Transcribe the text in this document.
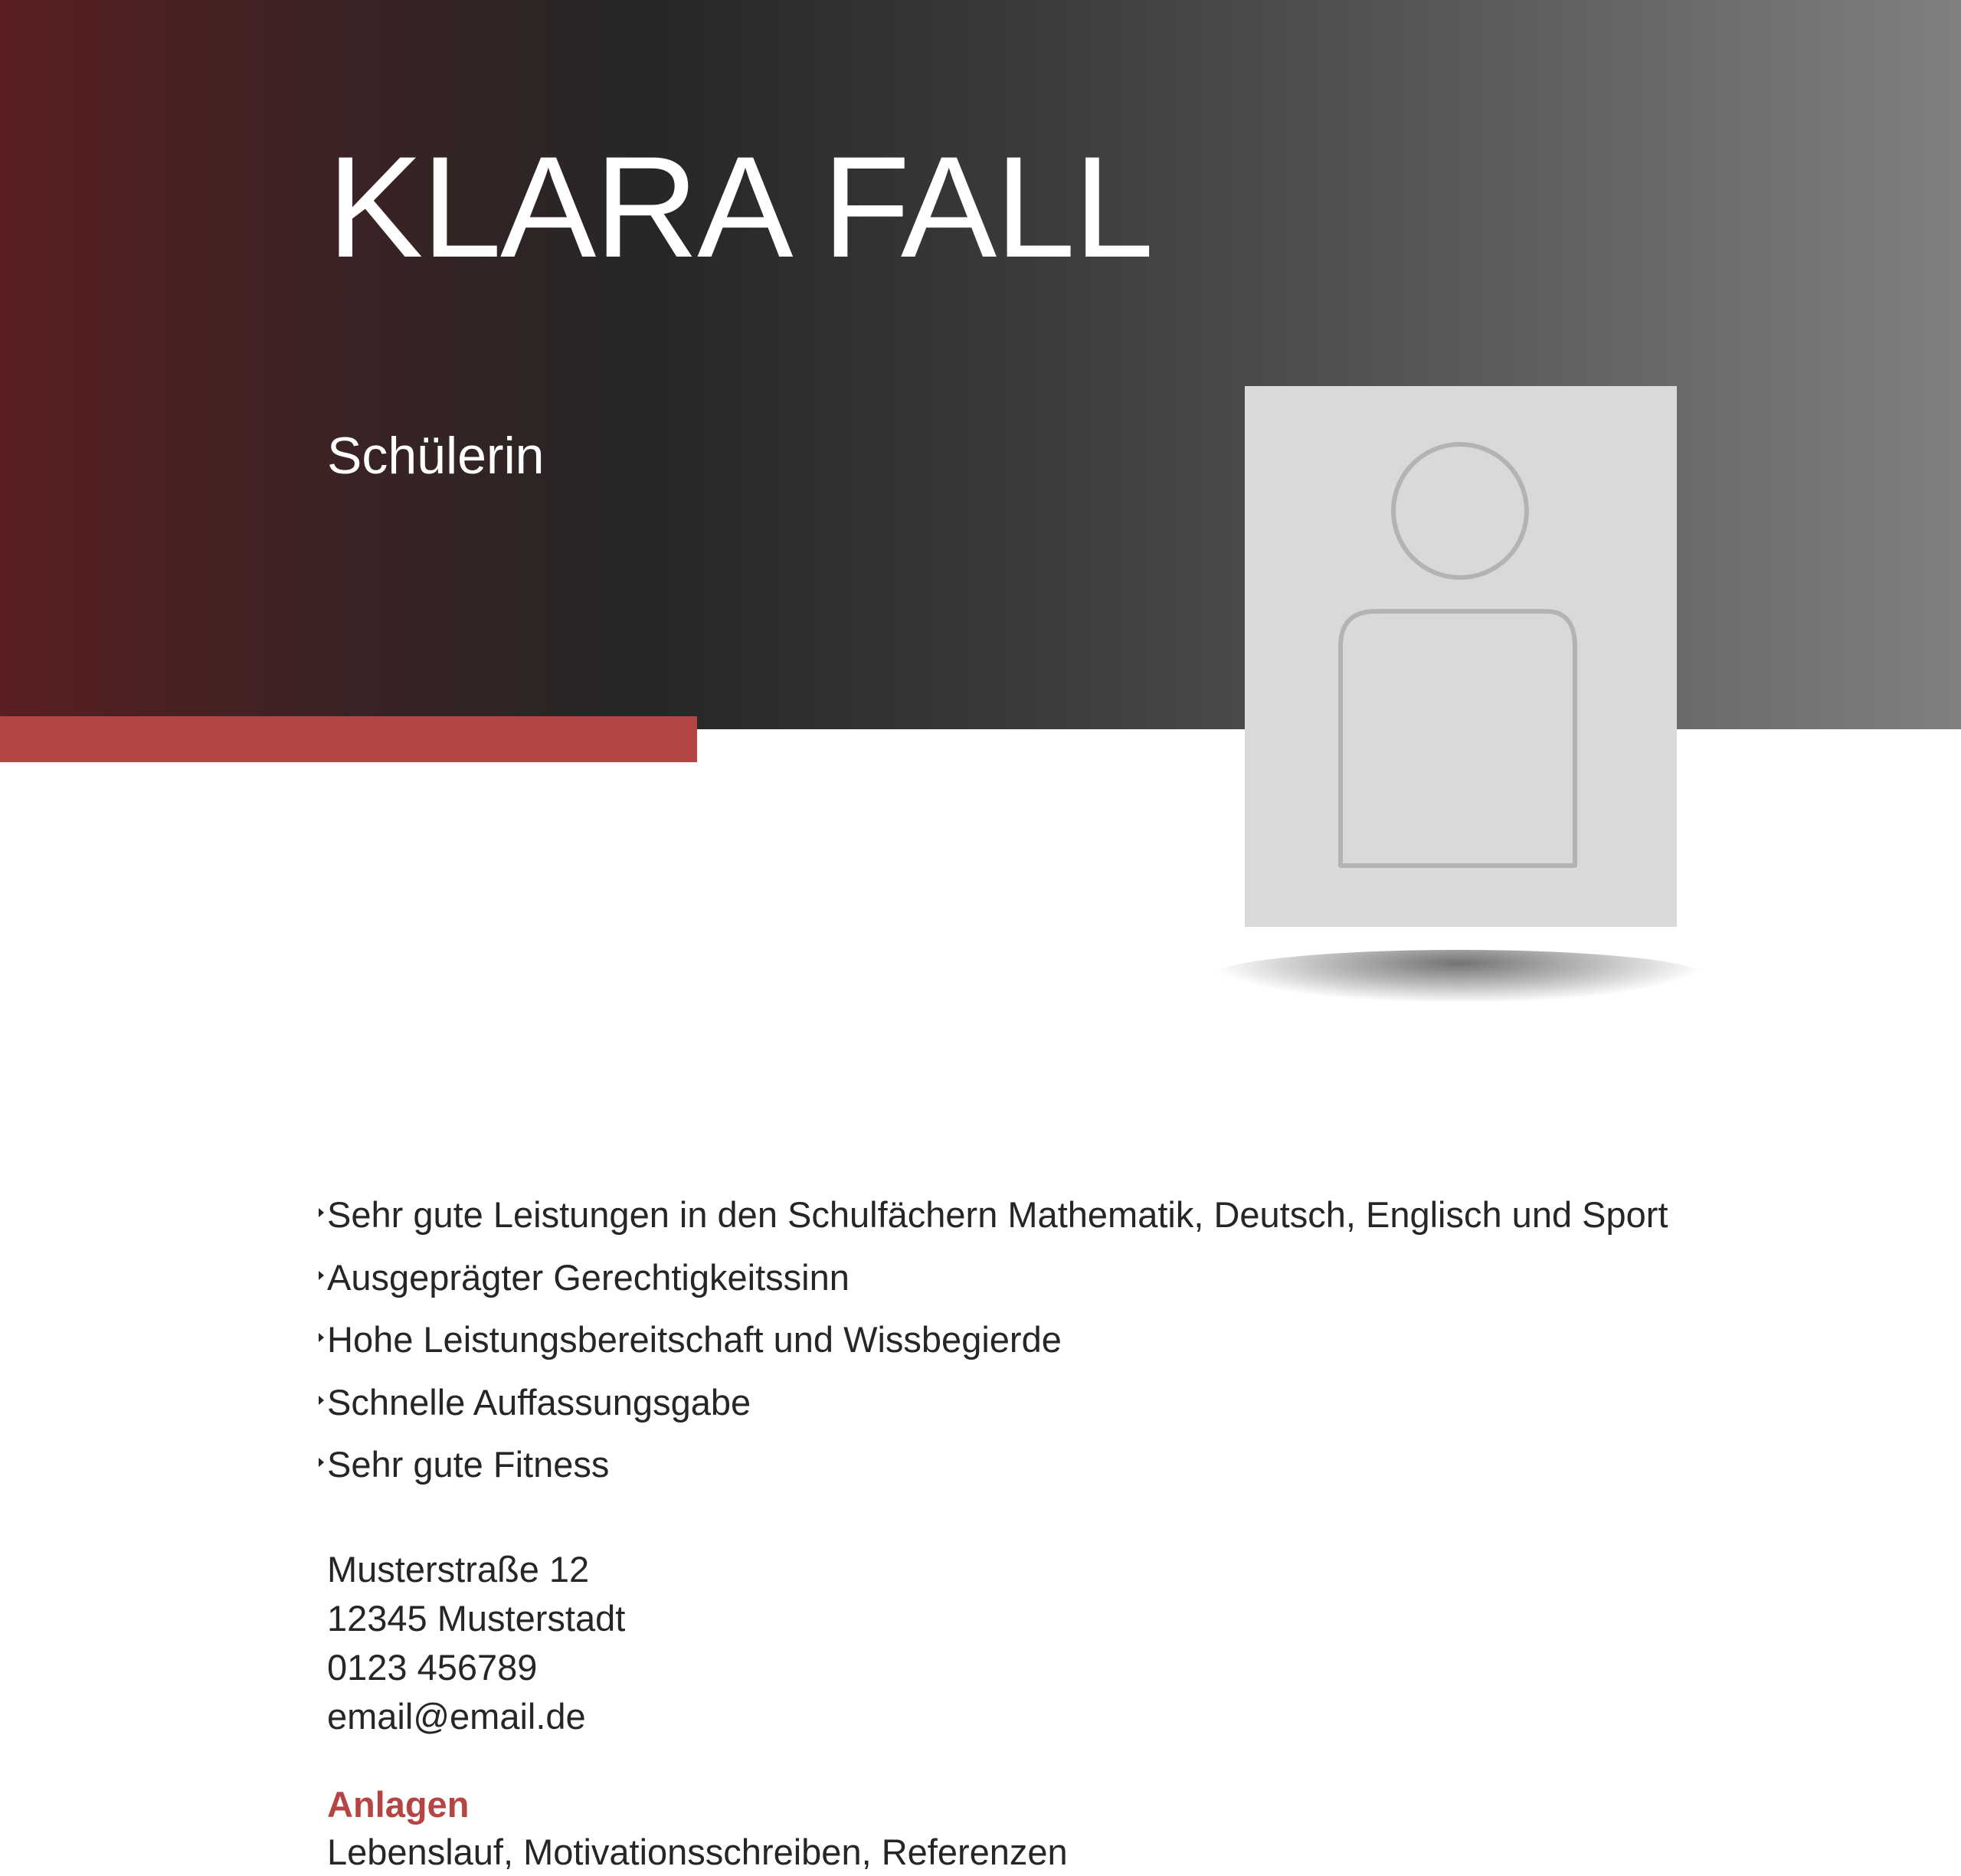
KLARA FALL
Schülerin
Sehr gute Leistungen in den Schulfächern Mathematik, Deutsch, Englisch und Sport
Ausgeprägter Gerechtigkeitssinn
Hohe Leistungsbereitschaft und Wissbegierde
Schnelle Auffassungsgabe
Sehr gute Fitness
Musterstraße 12
12345 Musterstadt
0123 456789
email@email.de
Anlagen
Lebenslauf, Motivationsschreiben, Referenzen
